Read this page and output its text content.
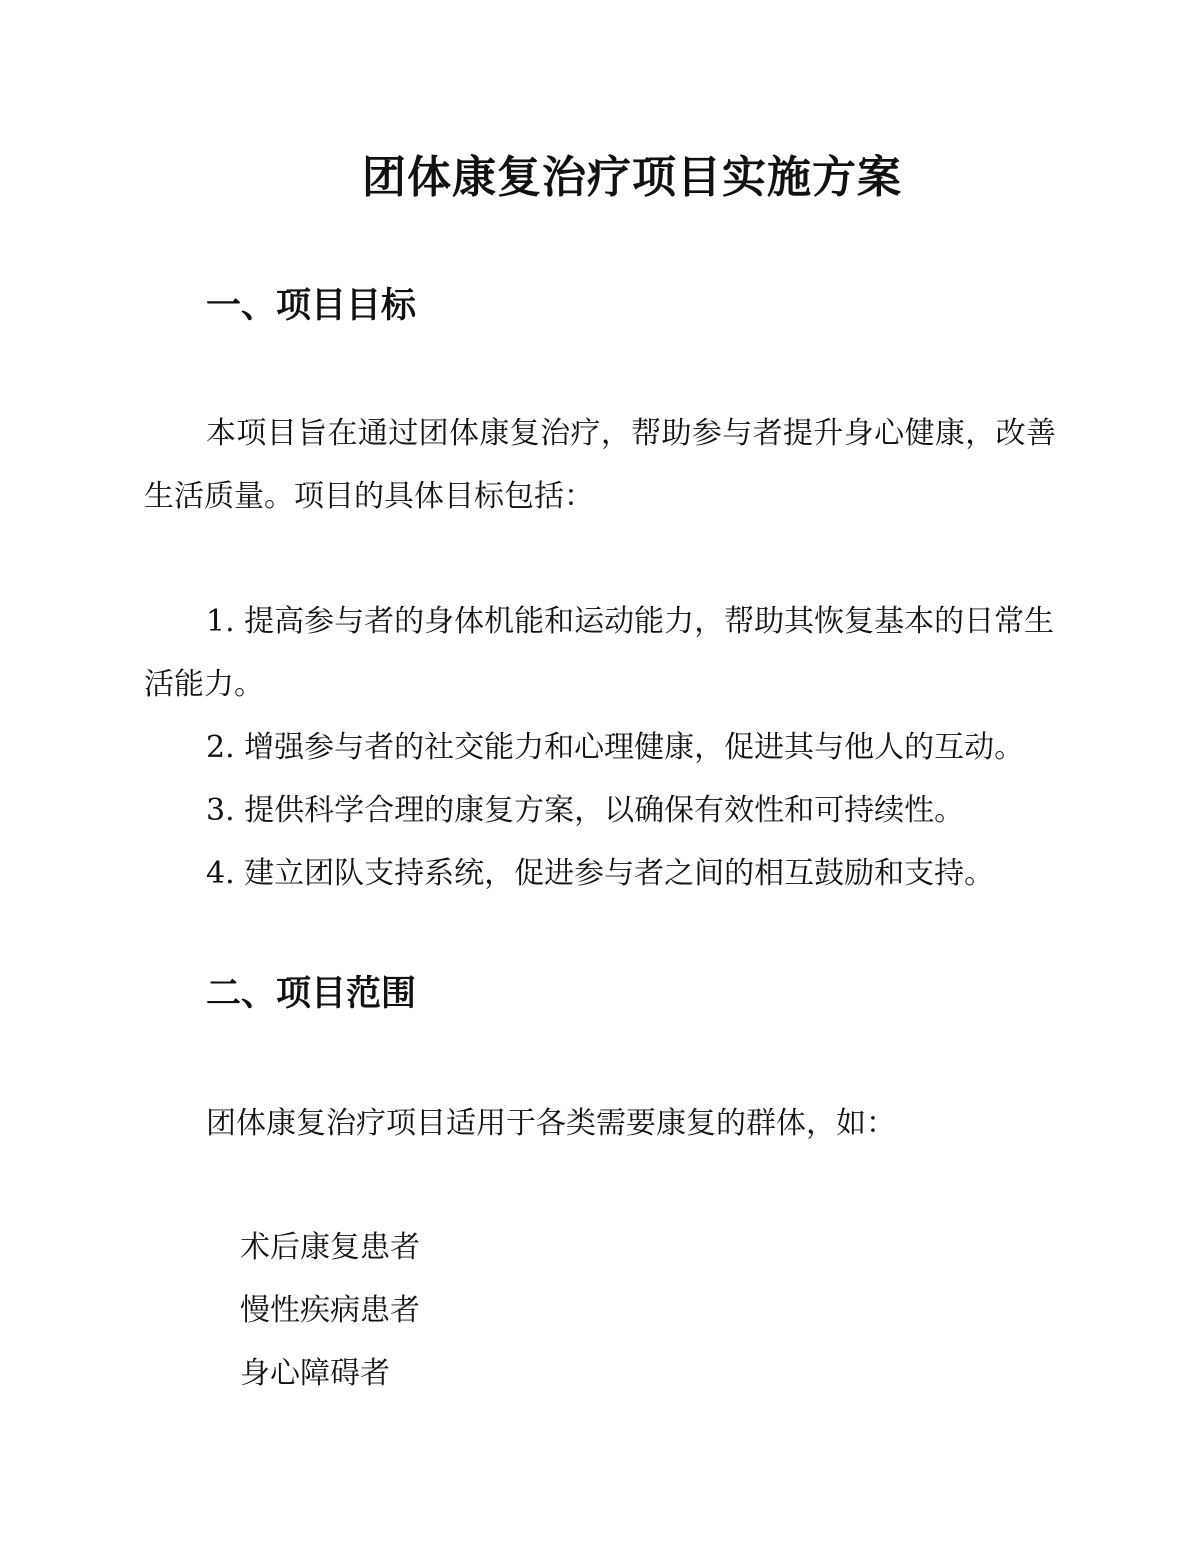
团体康复治疗项目实施方案
一、项目目标

本项目旨在通过团体康复治疗，帮助参与者提升身心健康，改善生活质量。项目的具体目标包括：

1. 提高参与者的身体机能和运动能力，帮助其恢复基本的日常生活能力。

2. 增强参与者的社交能力和心理健康，促进其与他人的互动。

3. 提供科学合理的康复方案，以确保有效性和可持续性。

4. 建立团队支持系统，促进参与者之间的相互鼓励和支持。

二、项目范围

团体康复治疗项目适用于各类需要康复的群体，如：

术后康复患者

慢性疾病患者

身心障碍者
